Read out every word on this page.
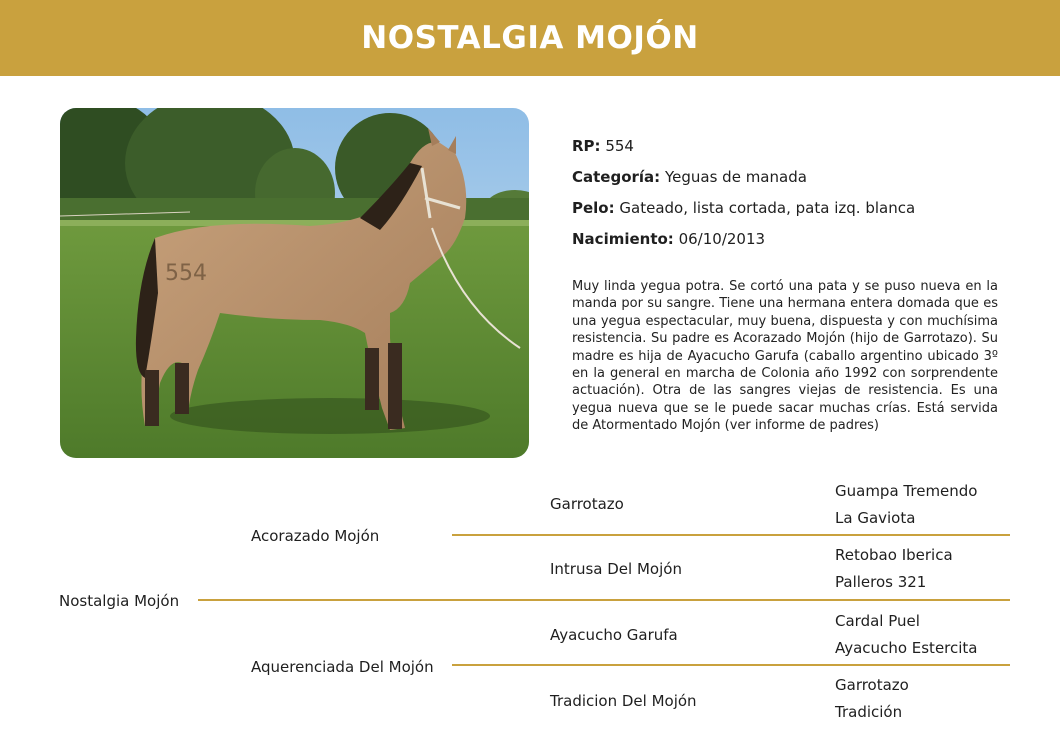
NOSTALGIA MOJÓN
554
RP: 554
Categoría: Yeguas de manada
Pelo: Gateado, lista cortada, pata izq. blanca
Nacimiento: 06/10/2013
Muy linda yegua potra. Se cortó una pata y se puso nueva en la manda por su sangre. Tiene una hermana entera domada que es una yegua espectacular, muy buena, dispuesta y con muchísima resistencia. Su padre es Acorazado Mojón (hijo de Garrotazo). Su madre es hija de Ayacucho Garufa (caballo argentino ubicado 3º en la general en marcha de Colonia año 1992 con sorprendente actuación). Otra de las sangres viejas de resistencia. Es una yegua nueva que se le puede sacar muchas crías. Está servida de Atormentado Mojón (ver informe de padres)
Nostalgia Mojón
Acorazado Mojón
Aquerenciada Del Mojón
Garrotazo
Intrusa Del Mojón
Ayacucho Garufa
Tradicion Del Mojón
Guampa Tremendo
La Gaviota
Retobao Iberica
Palleros 321
Cardal Puel
Ayacucho Estercita
Garrotazo
Tradición
